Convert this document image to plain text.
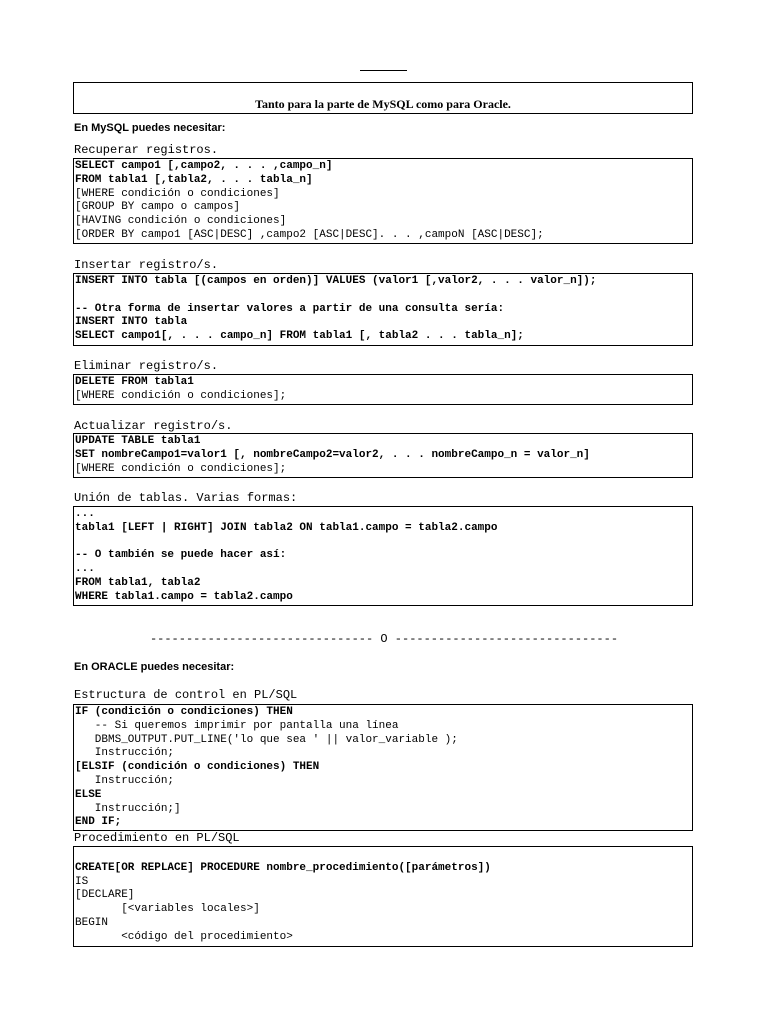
Tanto para la parte de MySQL como para Oracle.
En MySQL puedes necesitar:
Recuperar registros.
SELECT campo1 [,campo2, . . . ,campo_n]
FROM tabla1 [,tabla2, . . . tabla_n]
[WHERE condición o condiciones]
[GROUP BY campo o campos]
[HAVING condición o condiciones]
[ORDER BY campo1 [ASC|DESC] ,campo2 [ASC|DESC]. . . ,campoN [ASC|DESC];
Insertar registro/s.
INSERT INTO tabla [(campos en orden)] VALUES (valor1 [,valor2, . . . valor_n]);
-- Otra forma de insertar valores a partir de una consulta sería:
INSERT INTO tabla
SELECT campo1[, . . . campo_n] FROM tabla1 [, tabla2 . . . tabla_n];
Eliminar registro/s.
DELETE FROM tabla1
[WHERE condición o condiciones];
Actualizar registro/s.
UPDATE TABLE tabla1
SET nombreCampo1=valor1 [, nombreCampo2=valor2, . . . nombreCampo_n = valor_n]
[WHERE condición o condiciones];
Unión de tablas. Varias formas:
...
tabla1 [LEFT | RIGHT] JOIN tabla2 ON tabla1.campo = tabla2.campo
-- O también se puede hacer así:
...
FROM tabla1, tabla2
WHERE tabla1.campo = tabla2.campo
------------------------------- O -------------------------------
En ORACLE puedes necesitar:
Estructura de control en PL/SQL
IF (condición o condiciones) THEN
-- Si queremos imprimir por pantalla una línea
DBMS_OUTPUT.PUT_LINE('lo que sea ' || valor_variable );
Instrucción;
[ELSIF (condición o condiciones) THEN
Instrucción;
ELSE
Instrucción;]
END IF;
Procedimiento en PL/SQL
CREATE[OR REPLACE] PROCEDURE nombre_procedimiento([parámetros])
IS
[DECLARE]
[<variables locales>]
BEGIN
<código del procedimiento>
